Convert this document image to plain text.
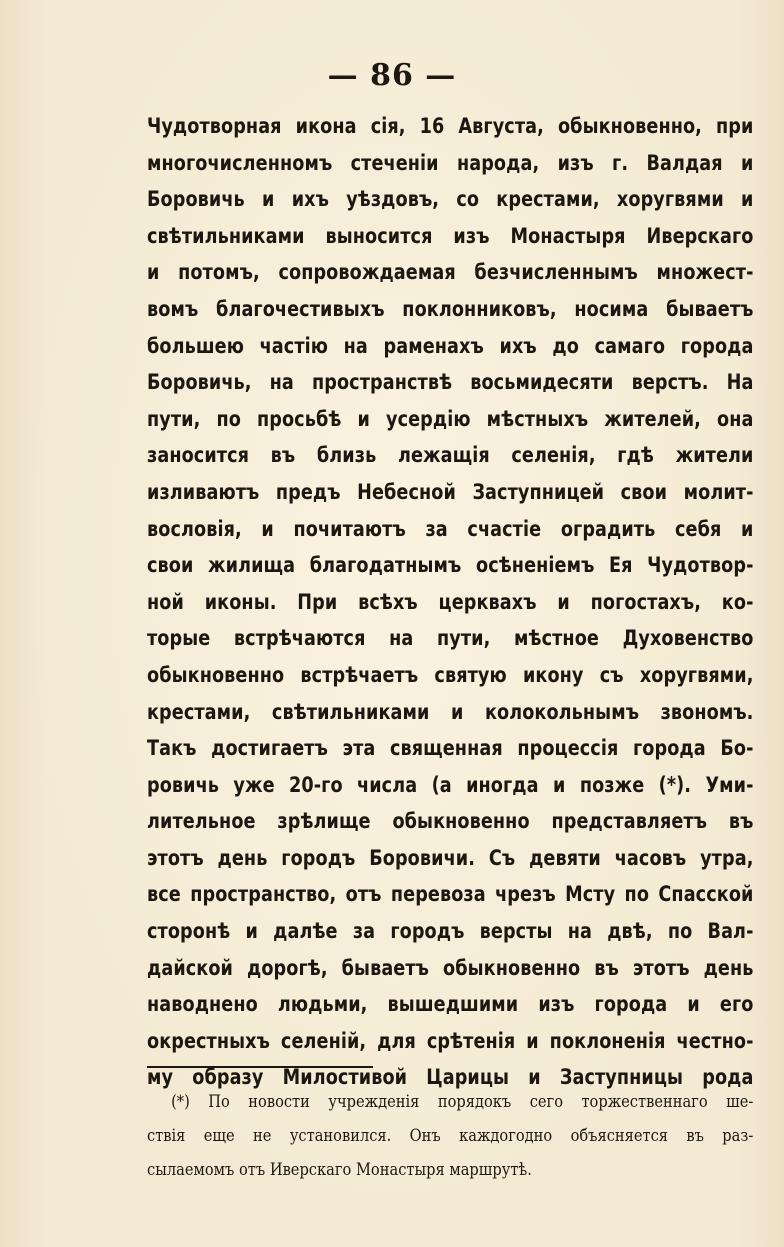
— 86 —
Чудотворная икона сія, 16 Августа, обыкновенно, при
многочисленномъ стеченіи народа, изъ г. Валдая и
Боровичь и ихъ уѣздовъ, со крестами, хоругвями и
свѣтильниками выносится изъ Монастыря Иверскаго
и потомъ, сопровождаемая безчисленнымъ множест-
вомъ благочестивыхъ поклонниковъ, носима бываетъ
большею частію на раменахъ ихъ до самаго города
Боровичь, на пространствѣ восьмидесяти верстъ. На
пути, по просьбѣ и усердію мѣстныхъ жителей, она
заносится въ близь лежащія селенія, гдѣ жители
изливаютъ предъ Небесной Заступницей свои молит-
вословія, и почитаютъ за счастіе оградить себя и
свои жилища благодатнымъ осѣненіемъ Ея Чудотвор-
ной иконы. При всѣхъ церквахъ и погостахъ, ко-
торые встрѣчаются на пути, мѣстное Духовенство
обыкновенно встрѣчаетъ святую икону съ хоругвями,
крестами, свѣтильниками и колокольнымъ звономъ.
Такъ достигаетъ эта священная процессія города Бо-
ровичь уже 20-го числа (а иногда и позже (*). Уми-
лительное зрѣлище обыкновенно представляетъ въ
этотъ день городъ Боровичи. Съ девяти часовъ утра,
все пространство, отъ перевоза чрезъ Мсту по Спасской
сторонѣ и далѣе за городъ версты на двѣ, по Вал-
дайской дорогѣ, бываетъ обыкновенно въ этотъ день
наводнено людьми, вышедшими изъ города и его
окрестныхъ селеній, для срѣтенія и поклоненія честно-
му образу Милостивой Царицы и Заступницы рода
(*) По новости учрежденія порядокъ сего торжественнаго ше-
ствія еще не установился. Онъ каждогодно объясняется въ раз-
сылаемомъ отъ Иверскаго Монастыря маршрутѣ.
